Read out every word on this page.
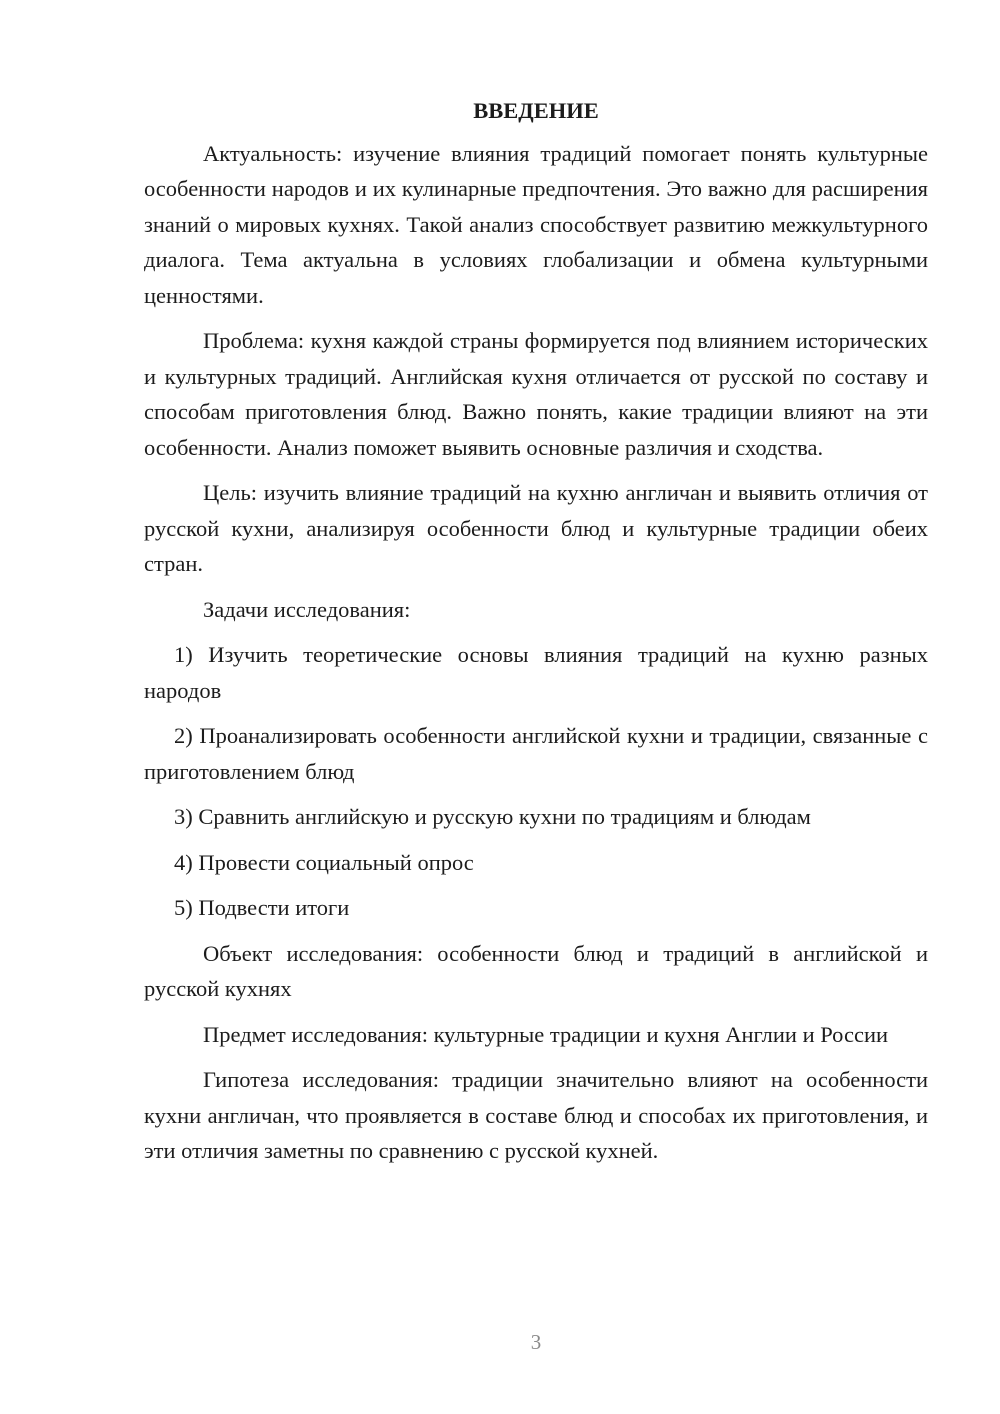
ВВЕДЕНИЕ

Актуальность: изучение влияния традиций помогает понять культурные особенности народов и их кулинарные предпочтения. Это важно для расширения знаний о мировых кухнях. Такой анализ способствует развитию межкультурного диалога. Тема актуальна в условиях глобализации и обмена культурными ценностями.

Проблема: кухня каждой страны формируется под влиянием исторических и культурных традиций. Английская кухня отличается от русской по составу и способам приготовления блюд. Важно понять, какие традиции влияют на эти особенности. Анализ поможет выявить основные различия и сходства.

Цель: изучить влияние традиций на кухню англичан и выявить отличия от русской кухни, анализируя особенности блюд и культурные традиции обеих стран.

Задачи исследования:

1) Изучить теоретические основы влияния традиций на кухню разных народов

2) Проанализировать особенности английской кухни и традиции, связанные с приготовлением блюд

3) Сравнить английскую и русскую кухни по традициям и блюдам

4) Провести социальный опрос

5) Подвести итоги

Объект исследования: особенности блюд и традиций в английской и русской кухнях

Предмет исследования: культурные традиции и кухня Англии и России

Гипотеза исследования: традиции значительно влияют на особенности кухни англичан, что проявляется в составе блюд и способах их приготовления, и эти отличия заметны по сравнению с русской кухней.

3
